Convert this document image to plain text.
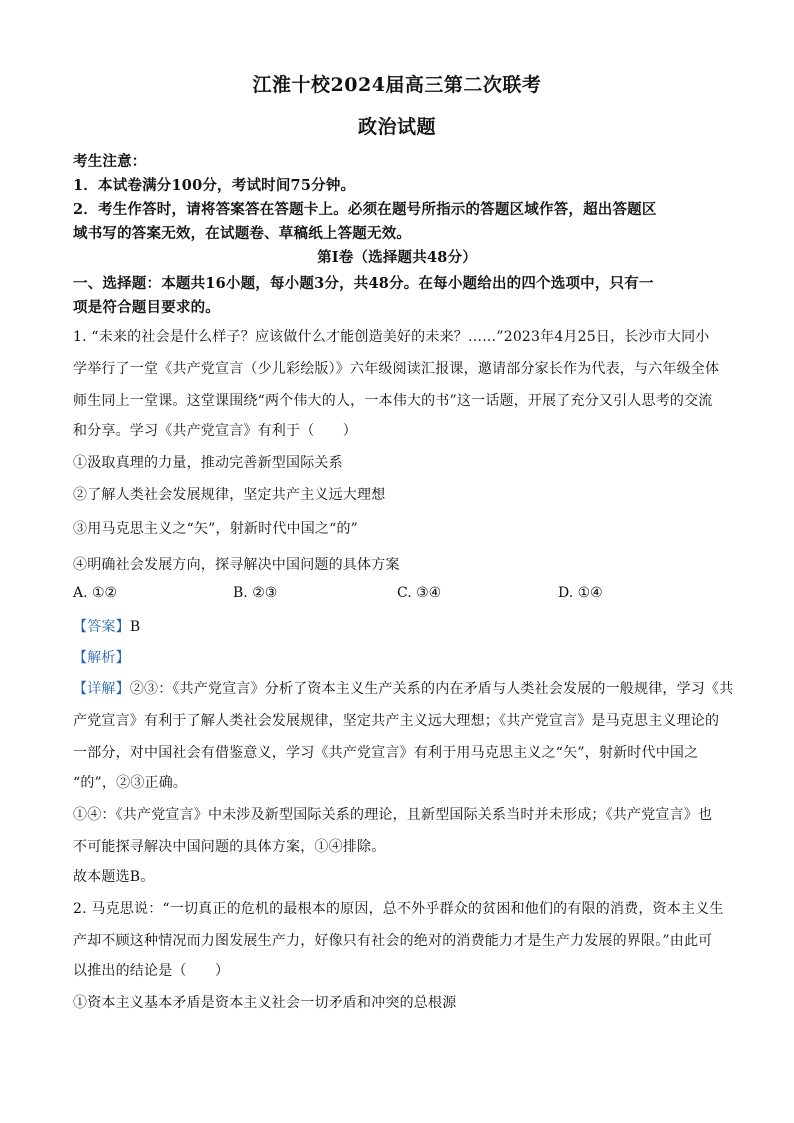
江淮十校2024届高三第二次联考
政治试题
考生注意：
1．本试卷满分100分，考试时间75分钟。
2．考生作答时，请将答案答在答题卡上。必须在题号所指示的答题区域作答，超出答题区
域书写的答案无效，在试题卷、草稿纸上答题无效。
第Ⅰ卷（选择题共48分）
一、选择题：本题共16小题，每小题3分，共48分。在每小题给出的四个选项中，只有一
项是符合题目要求的。
1. “未来的社会是什么样子？应该做什么才能创造美好的未来？……”2023年4月25日，长沙市大同小
学举行了一堂《共产党宣言（少儿彩绘版）》六年级阅读汇报课，邀请部分家长作为代表，与六年级全体
师生同上一堂课。这堂课围绕“两个伟大的人，一本伟大的书”这一话题，开展了充分又引人思考的交流
和分享。学习《共产党宣言》有利于（　　）
①汲取真理的力量，推动完善新型国际关系
②了解人类社会发展规律，坚定共产主义远大理想
③用马克思主义之“矢”，射新时代中国之“的”
④明确社会发展方向，探寻解决中国问题的具体方案
A. ①②	B. ②③	C. ③④	D. ①④
【答案】B
【解析】
【详解】②③：《共产党宣言》分析了资本主义生产关系的内在矛盾与人类社会发展的一般规律，学习《共
产党宣言》有利于了解人类社会发展规律，坚定共产主义远大理想；《共产党宣言》是马克思主义理论的
一部分，对中国社会有借鉴意义，学习《共产党宣言》有利于用马克思主义之“矢”，射新时代中国之
“的”，②③正确。
①④：《共产党宣言》中未涉及新型国际关系的理论，且新型国际关系当时并未形成；《共产党宣言》也
不可能探寻解决中国问题的具体方案，①④排除。
故本题选B。
2. 马克思说：“一切真正的危机的最根本的原因，总不外乎群众的贫困和他们的有限的消费，资本主义生
产却不顾这种情况而力图发展生产力，好像只有社会的绝对的消费能力才是生产力发展的界限。”由此可
以推出的结论是（　　）
①资本主义基本矛盾是资本主义社会一切矛盾和冲突的总根源
